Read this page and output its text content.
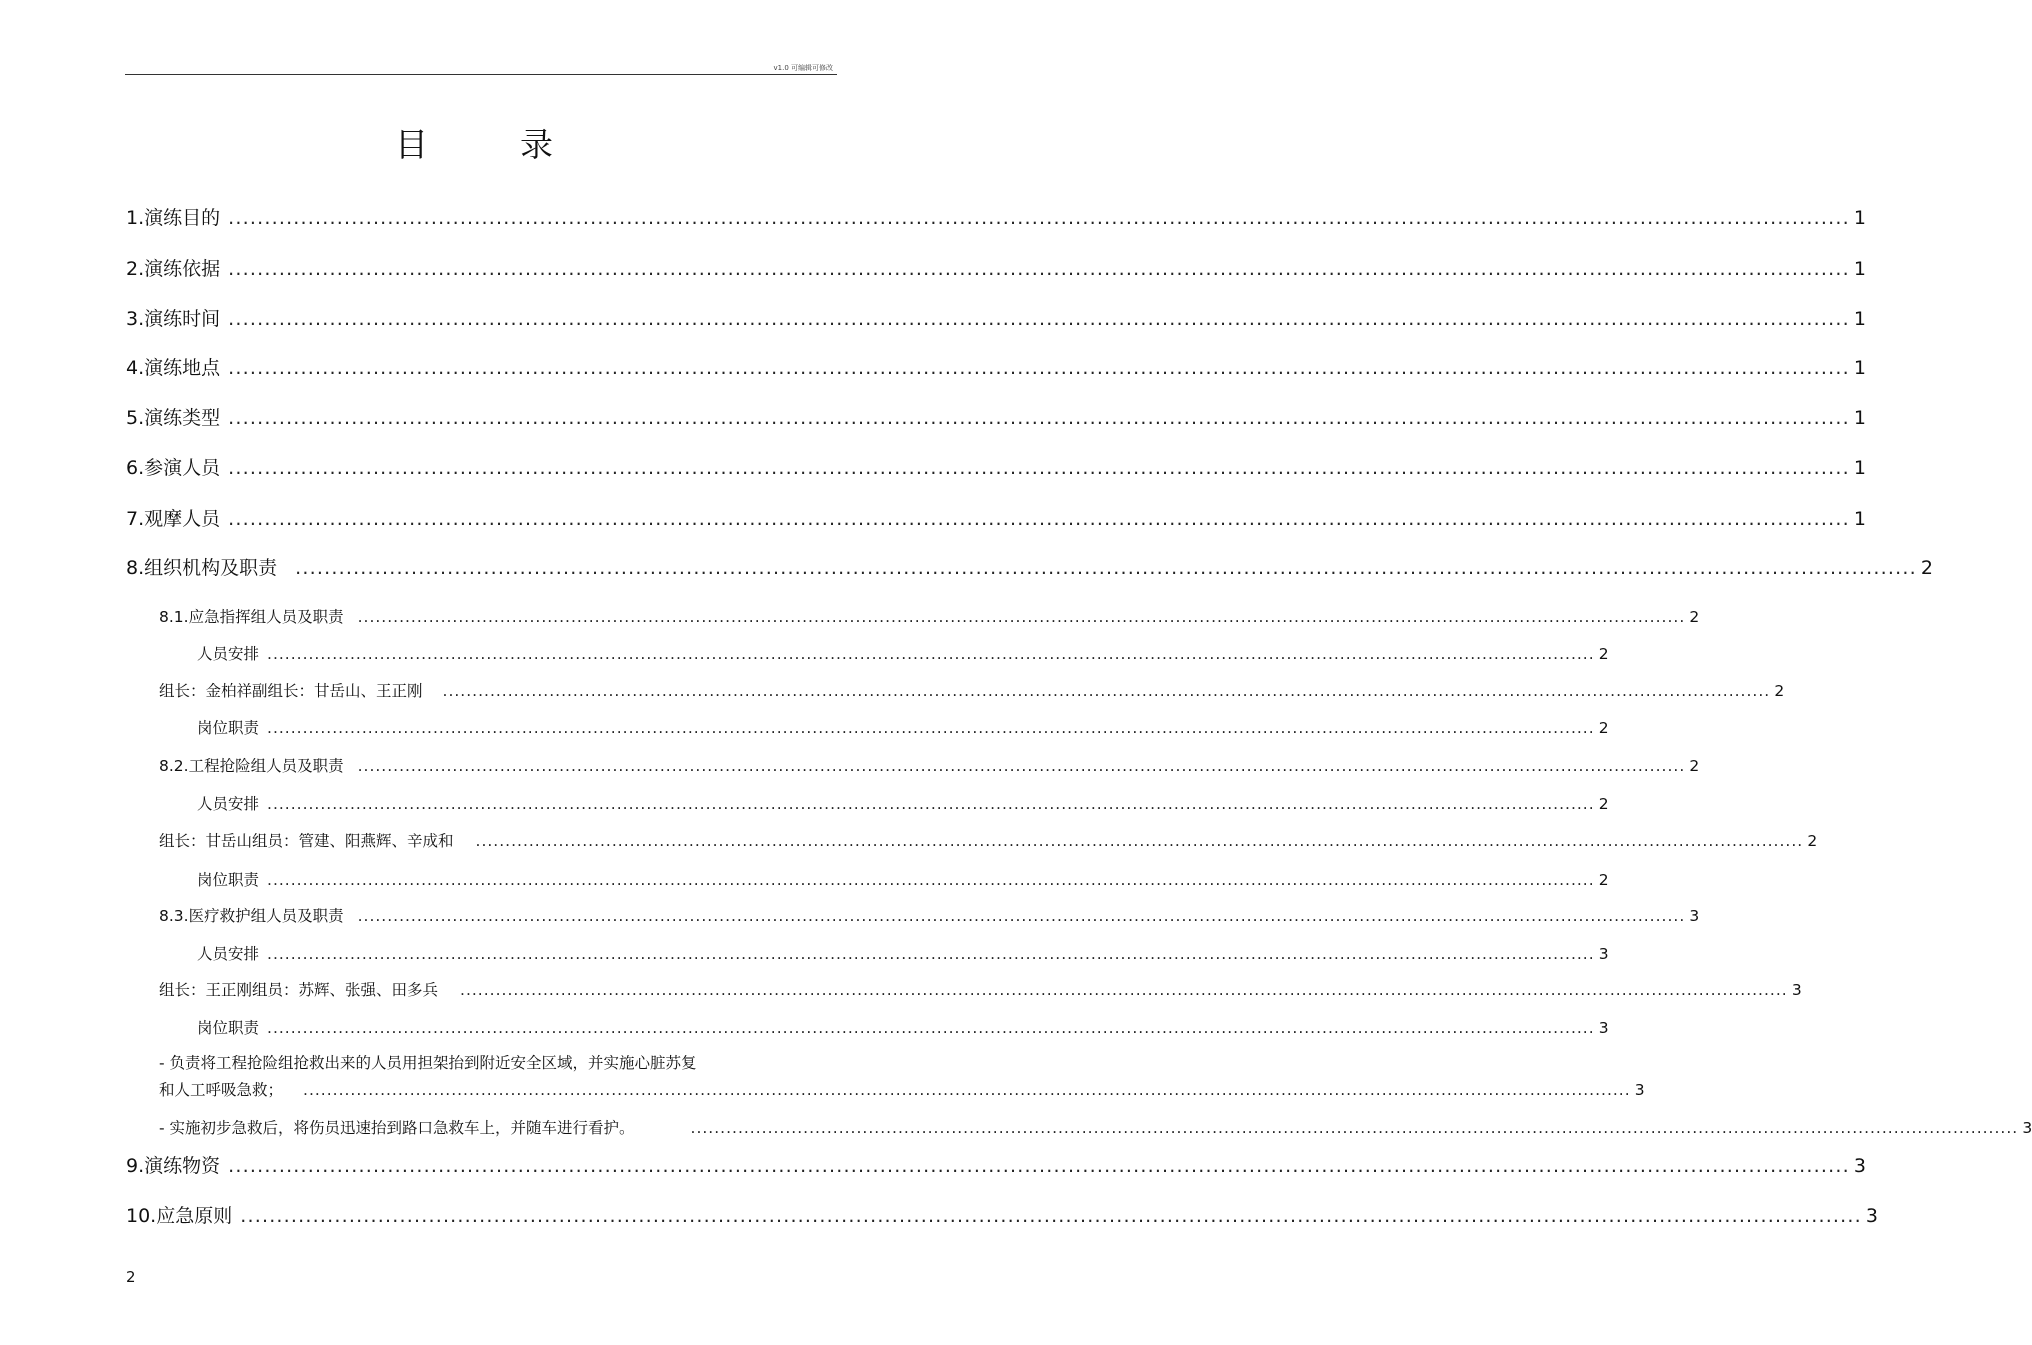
v1.0 可编辑可修改
目	录
1. 演练目的 ................................................................................................................................................................................................................................ 1
2. 演练依据 ................................................................................................................................................................................................................................ 1
3. 演练时间 ................................................................................................................................................................................................................................ 1
4. 演练地点 ................................................................................................................................................................................................................................ 1
5. 演练类型 ................................................................................................................................................................................................................................ 1
6. 参演人员 ................................................................................................................................................................................................................................ 1
7. 观摩人员 ................................................................................................................................................................................................................................ 1
8. 组织机构及职责 ................................................................................................................................................................................................................................ 2
8.1. 应急指挥组人员及职责 ................................................................................................................................................................................................................................ 2
人员安排 ................................................................................................................................................................................................................................ 2
组长：金柏祥 副组长：甘岳山、王正刚 ................................................................................................................................................................................................................................ 2
岗位职责 ................................................................................................................................................................................................................................ 2
8.2. 工程抢险组人员及职责 ................................................................................................................................................................................................................................ 2
人员安排 ................................................................................................................................................................................................................................ 2
组长：甘岳山 组员：管建、阳燕辉、辛成和 ................................................................................................................................................................................................................................ 2
岗位职责 ................................................................................................................................................................................................................................ 2
8.3. 医疗救护组人员及职责 ................................................................................................................................................................................................................................ 3
人员安排 ................................................................................................................................................................................................................................ 3
组长：王正刚 组员：苏辉、张强、田多兵 ................................................................................................................................................................................................................................ 3
岗位职责 ................................................................................................................................................................................................................................ 3
- 负责将工程抢险组抢救出来的人员用担架抬到附近安全区域，并实施心脏苏复
和人工呼吸急救； ................................................................................................................................................................................................................................ 3
- 实施初步急救后，将伤员迅速抬到路口急救车上，并随车进行看护。	................................................................................................................................................................................................................................ 3
9. 演练物资 ................................................................................................................................................................................................................................ 3
10. 应急原则 ................................................................................................................................................................................................................................ 3
2
